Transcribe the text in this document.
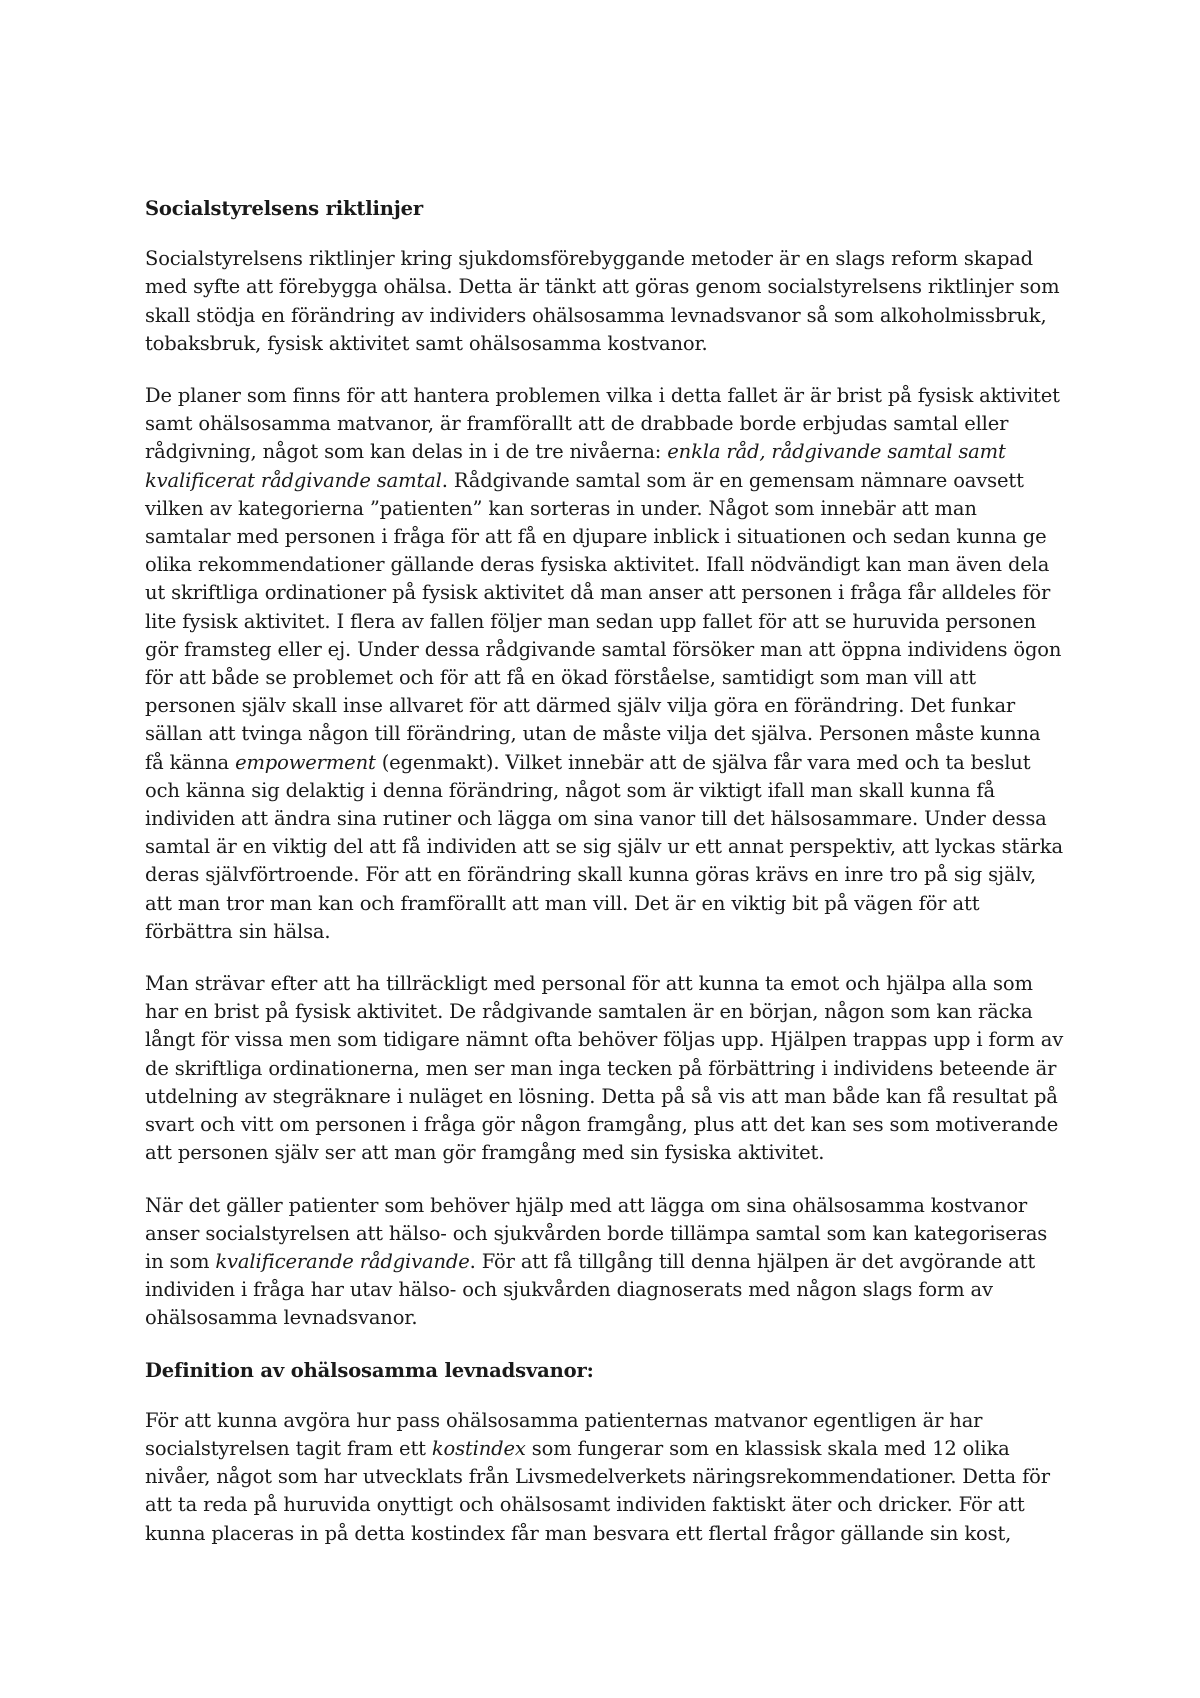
Socialstyrelsens riktlinjer

Socialstyrelsens riktlinjer kring sjukdomsförebyggande metoder är en slags reform skapad med syfte att förebygga ohälsa. Detta är tänkt att göras genom socialstyrelsens riktlinjer som skall stödja en förändring av individers ohälsosamma levnadsvanor så som alkoholmissbruk, tobaksbruk, fysisk aktivitet samt ohälsosamma kostvanor.

De planer som finns för att hantera problemen vilka i detta fallet är är brist på fysisk aktivitet samt ohälsosamma matvanor, är framförallt att de drabbade borde erbjudas samtal eller rådgivning, något som kan delas in i de tre nivåerna: enkla råd, rådgivande samtal samt kvalificerat rådgivande samtal. Rådgivande samtal som är en gemensam nämnare oavsett vilken av kategorierna ”patienten” kan sorteras in under. Något som innebär att man samtalar med personen i fråga för att få en djupare inblick i situationen och sedan kunna ge olika rekommendationer gällande deras fysiska aktivitet. Ifall nödvändigt kan man även dela ut skriftliga ordinationer på fysisk aktivitet då man anser att personen i fråga får alldeles för lite fysisk aktivitet. I flera av fallen följer man sedan upp fallet för att se huruvida personen gör framsteg eller ej. Under dessa rådgivande samtal försöker man att öppna individens ögon för att både se problemet och för att få en ökad förståelse, samtidigt som man vill att personen själv skall inse allvaret för att därmed själv vilja göra en förändring. Det funkar sällan att tvinga någon till förändring, utan de måste vilja det själva. Personen måste kunna få känna empowerment (egenmakt). Vilket innebär att de själva får vara med och ta beslut och känna sig delaktig i denna förändring, något som är viktigt ifall man skall kunna få individen att ändra sina rutiner och lägga om sina vanor till det hälsosammare. Under dessa samtal är en viktig del att få individen att se sig själv ur ett annat perspektiv, att lyckas stärka deras självförtroende. För att en förändring skall kunna göras krävs en inre tro på sig själv, att man tror man kan och framförallt att man vill. Det är en viktig bit på vägen för att förbättra sin hälsa.

Man strävar efter att ha tillräckligt med personal för att kunna ta emot och hjälpa alla som har en brist på fysisk aktivitet. De rådgivande samtalen är en början, någon som kan räcka långt för vissa men som tidigare nämnt ofta behöver följas upp. Hjälpen trappas upp i form av de skriftliga ordinationerna, men ser man inga tecken på förbättring i individens beteende är utdelning av stegräknare i nuläget en lösning. Detta på så vis att man både kan få resultat på svart och vitt om personen i fråga gör någon framgång, plus att det kan ses som motiverande att personen själv ser att man gör framgång med sin fysiska aktivitet.

När det gäller patienter som behöver hjälp med att lägga om sina ohälsosamma kostvanor anser socialstyrelsen att hälso- och sjukvården borde tillämpa samtal som kan kategoriseras in som kvalificerande rådgivande. För att få tillgång till denna hjälpen är det avgörande att individen i fråga har utav hälso- och sjukvården diagnoserats med någon slags form av ohälsosamma levnadsvanor.

Definition av ohälsosamma levnadsvanor:

För att kunna avgöra hur pass ohälsosamma patienternas matvanor egentligen är har socialstyrelsen tagit fram ett kostindex som fungerar som en klassisk skala med 12 olika nivåer, något som har utvecklats från Livsmedelverkets näringsrekommendationer. Detta för att ta reda på huruvida onyttigt och ohälsosamt individen faktiskt äter och dricker. För att kunna placeras in på detta kostindex får man besvara ett flertal frågor gällande sin kost,
